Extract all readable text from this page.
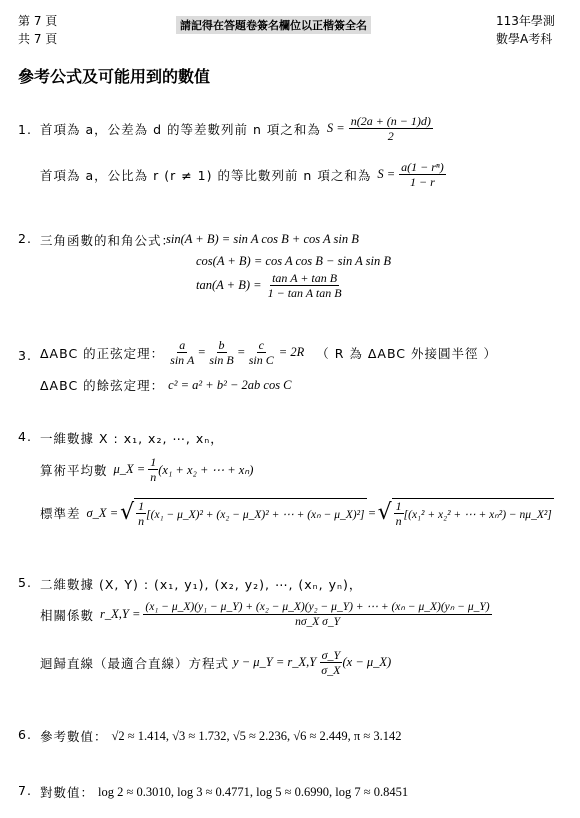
第 7 頁
共 7 頁
請記得在答題卷簽名欄位以正楷簽全名	113年學測
數學A考科
參考公式及可能用到的數值
1. 首項為 a，公差為 d 的等差數列前 n 項之和為 $S = \frac{n(2a + (n - 1)d)}{2}$
首項為 a，公比為 r (r ≠ 1) 的等比數列前 n 項之和為 $S = \frac{\text{a(1 − rⁿ)}}{1 - r}$
2. 三角函數的和角公式：
sin(A + B) = sin A cos B + cos A sin B
cos(A + B) = cos A cos B − sin A sin B
$\tan(A + B) = \frac{\text{tan A + tan B}}{\text{1 − tan A tan B}}$
3. ΔABC 的正弦定理： $\frac{a}{\text{sin A}} = \frac{b}{\text{sin B}} = \frac{c}{\text{sin C}} = 2R$ （ R 為 ΔABC 外接圓半徑 ）
ΔABC 的餘弦定理： c² = a² + b² − 2ab cos C
4. 一維數據 X : x₁, x₂, ⋯, xₙ，
算術平均數 μ_X = $\frac{1}{n} (x_1 + x_2$ + ⋯ + xₙ)
標準差 σ_X = √ $\frac{1}{n} [(x_1$ − μ_X)² + (x₂ − μ_X)² + ⋯ + (xₙ − μ_X)²] = √ $\frac{1}{n} [(x_1^2 + x_2^2$ + ⋯ + xₙ²) − nμ_X²]
5. 二維數據 (X, Y) : (x₁, y₁), (x₂, y₂), ⋯, (xₙ, yₙ)，
相關係數 r_X,Y = (x₁ − μ_X)(y₁ − μ_Y) + (x₂ − μ_X)(y₂ − μ_Y) + ⋯ + (xₙ − μ_X)(yₙ − μ_Y)
nσ_X σ_Y
迴歸直線（最適合直線）方程式 y − μ_Y = r_X,Y $\frac{\sigma\_Y}{\sigma\_X} (x$ − μ_X)
6. 參考數值： √2 ≈ 1.414, √3 ≈ 1.732, √5 ≈ 2.236, √6 ≈ 2.449, π ≈ 3.142
7. 對數值： log 2 ≈ 0.3010, log 3 ≈ 0.4771, log 5 ≈ 0.6990, log 7 ≈ 0.8451
